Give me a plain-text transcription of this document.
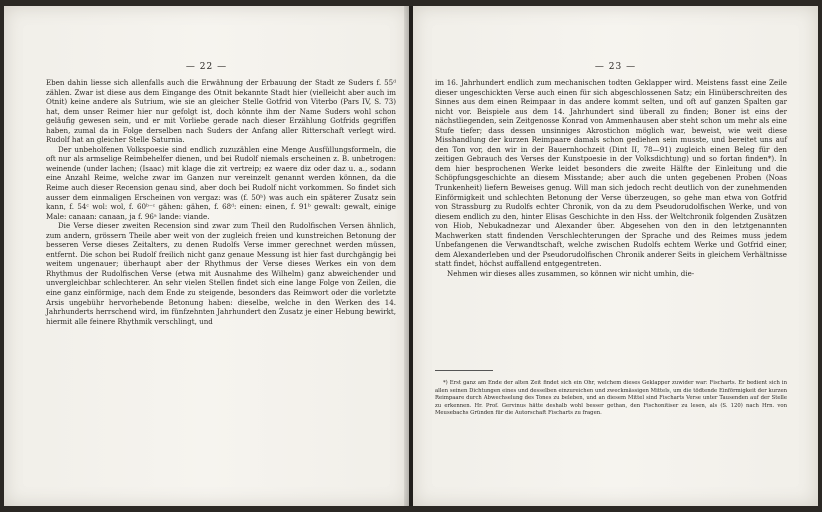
— 22 —

Eben dahin liesse sich allenfalls auch die Erwähnung der Erbauung der Stadt ze Suders f. 55ᵈ zählen. Zwar ist diese aus dem Eingange des Otnit bekannte Stadt hier (vielleicht aber auch im Otnit) keine andere als Sutrium, wie sie an gleicher Stelle Gotfrid von Viterbo (Pars IV, S. 73) hat, dem unser Reimer hier nur gefolgt ist, doch könnte ihm der Name Suders wohl schon geläufig gewesen sein, und er mit Vorliebe gerade nach dieser Erzählung Gotfrids gegriffen haben, zumal da in Folge derselben nach Suders der Anfang aller Ritterschaft verlegt wird. Rudolf hat an gleicher Stelle Saturnia.

Der unbeholfenen Volkspoesie sind endlich zuzuzählen eine Menge Ausfüllungsformeln, die oft nur als armselige Reimbehelfer dienen, und bei Rudolf niemals erscheinen z. B. unbetrogen: weinende (under lachen; (Isaac) mit klage die zit vertreip; ez waere diz oder daz u. a., sodann eine Anzahl Reime, welche zwar im Ganzen nur vereinzelt genannt werden können, da die Reime auch dieser Recension genau sind, aber doch bei Rudolf nicht vorkommen. So findet sich ausser dem einmaligen Erscheinen von vergaz: was (f. 50ᵇ) was auch ein späterer Zusatz sein kann, f. 54ᶜ wol: wol, f. 60ᵇ⁻ᶜ gähen: gähen, f. 68ᵈ: einen: einen, f. 91ᵇ gewalt: gewalt, einige Male: canaan: canaan, ja f. 96ᵃ lande: viande.

Die Verse dieser zweiten Recension sind zwar zum Theil den Rudolfischen Versen ähnlich, zum andern, grössern Theile aber weit von der zugleich freien und kunstreichen Betonung der besseren Verse dieses Zeitalters, zu denen Rudolfs Verse immer gerechnet werden müssen, entfernt. Die schon bei Rudolf freilich nicht ganz genaue Messung ist hier fast durchgängig bei weitem ungenauer; überhaupt aber der Rhythmus der Verse dieses Werkes ein von dem Rhythmus der Rudolfischen Verse (etwa mit Ausnahme des Wilhelm) ganz abweichender und unvergleichbar schlechterer. An sehr vielen Stellen findet sich eine lange Folge von Zeilen, die eine ganz einförmige, nach dem Ende zu steigende, besonders das Reimwort oder die vorletzte Arsis ungebühr hervorhebende Betonung haben: dieselbe, welche in den Werken des 14. Jahrhunderts herrschend wird, im fünfzehnten Jahrhundert den Zusatz je einer Hebung bewirkt, hiermit alle feinere Rhythmik verschlingt, und

— 23 —

im 16. Jahrhundert endlich zum mechanischen todten Geklapper wird. Meistens fasst eine Zeile dieser ungeschickten Verse auch einen für sich abgeschlossenen Satz; ein Hinüberschreiten des Sinnes aus dem einen Reimpaar in das andere kommt selten, und oft auf ganzen Spalten gar nicht vor. Beispiele aus dem 14. Jahrhundert sind überall zu finden; Boner ist eins der nächstliegenden, sein Zeitgenosse Konrad von Ammenhausen aber steht schon um mehr als eine Stufe tiefer; dass dessen unsinniges Akrostichon möglich war, beweist, wie weit diese Misshandlung der kurzen Reimpaare damals schon gediehen sein musste, und bereitet uns auf den Ton vor, den wir in der Bauernhochzeit (Dint II, 78—91) zugleich einen Beleg für den zeitigen Gebrauch des Verses der Kunstpoesie in der Volksdichtung) und so fortan finden*). In dem hier besprochenen Werke leidet besonders die zweite Hälfte der Einleitung und die Schöpfungsgeschichte an diesem Misstande; aber auch die unten gegebenen Proben (Noas Trunkenheit) liefern Beweises genug. Will man sich jedoch recht deutlich von der zunehmenden Einförmigkeit und schlechten Betonung der Verse überzeugen, so gehe man etwa von Gotfrid von Strassburg zu Rudolfs echter Chronik, von da zu dem Pseudorudolfischen Werke, und von diesem endlich zu den, hinter Elisas Geschichte in den Hss. der Weltchronik folgenden Zusätzen von Hiob, Nebukadnezar und Alexander über. Abgesehen von den in den letztgenannten Machwerken statt findenden Verschlechterungen der Sprache und des Reimes muss jedem Unbefangenen die Verwandtschaft, welche zwischen Rudolfs echtem Werke und Gotfrid einer, dem Alexanderleben und der Pseudorudolfischen Chronik anderer Seits in gleichem Verhältnisse statt findet, höchst auffallend entgegentreten.

Nehmen wir dieses alles zusammen, so können wir nicht umhin, die-

*) Erst ganz am Ende der alten Zeit findet sich ein Ohr, welchem dieses Geklapper zuwider war: Fischarts. Er bedient sich in allen seinen Dichtungen eines und desselben einzureichen und zweckmässigen Mittels, um die tödtende Einförmigkeit der kurzen Reimpaare durch Abwechselung des Tones zu beleben, und an diesem Mittel sind Fischarts Verse unter Tausenden auf der Stelle zu erkennen. Hr. Prof. Gervinus hätte deshalb wohl besser gethan, den Fischonitiser zu lesen, als (S. 120) nach Hrn. von Meusebachs Gründen für die Autorschaft Fischarts zu fragen.
